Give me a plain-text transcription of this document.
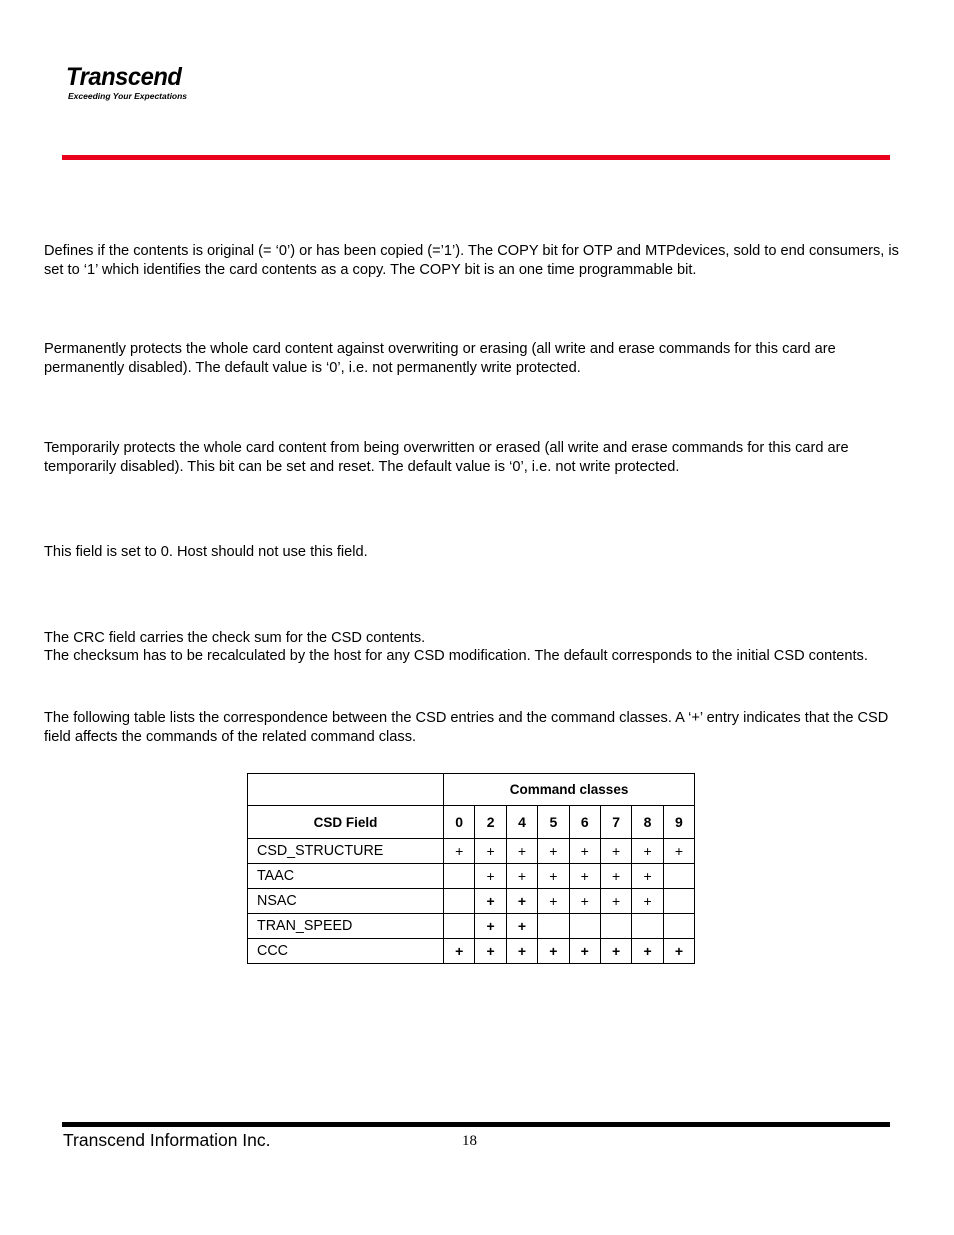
Transcend
Exceeding Your Expectations

Defines if the contents is original (= ‘0’) or has been copied (=’1’). The COPY bit for OTP and MTPdevices, sold to end consumers, is set to ‘1’ which identifies the card contents as a copy. The COPY bit is an one time programmable bit.

Permanently protects the whole card content against overwriting or erasing (all write and erase commands for this card are permanently disabled). The default value is ‘0’, i.e. not permanently write protected.

Temporarily protects the whole card content from being overwritten or erased (all write and erase commands for this card are temporarily disabled). This bit can be set and reset. The default value is ‘0’, i.e. not write protected.

This field is set to 0. Host should not use this field.

The CRC field carries the check sum for the CSD contents.

The checksum has to be recalculated by the host for any CSD modification. The default corresponds to the initial CSD contents.

The following table lists the correspondence between the CSD entries and the command classes. A ‘+’ entry indicates that the CSD field affects the commands of the related command class.

	Command classes							
CSD Field	0	2	4	5	6	7	8	9
CSD_STRUCTURE	+	+	+	+	+	+	+	+
TAAC		+	+	+	+	+	+	
NSAC		+	+	+	+	+	+	
TRAN_SPEED		+	+					
CCC	+	+	+	+	+	+	+	+
Transcend Information Inc.	18
